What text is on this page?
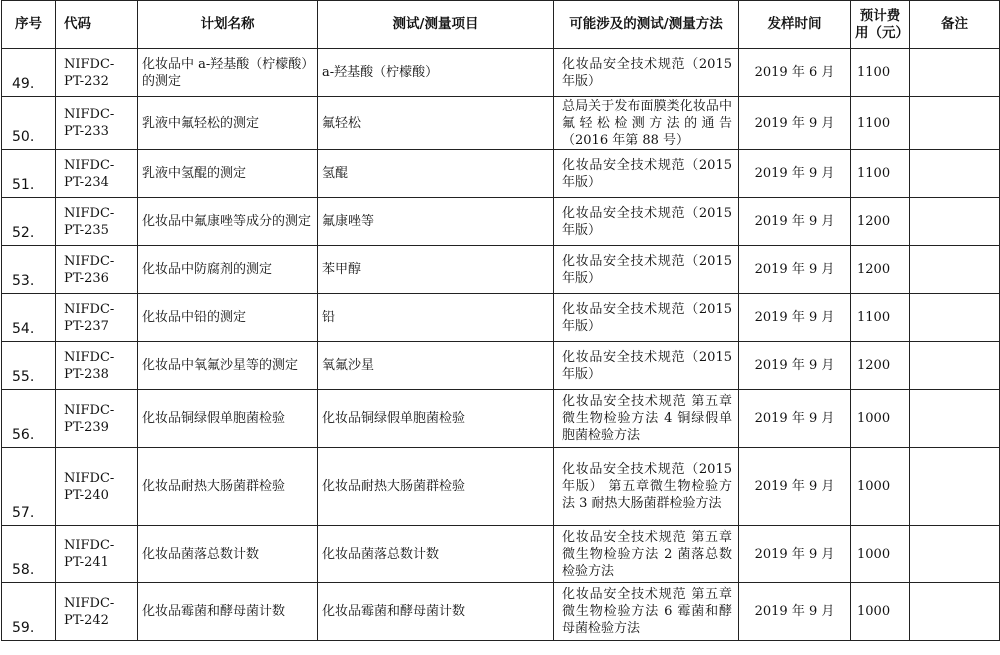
序号	代码	计划名称	测试/测量项目	可能涉及的测试/测量方法	发样时间	预计费用（元）	备注
49.	NIFDC-PT-232	化妆品中 a-羟基酸（柠檬酸）的测定	a-羟基酸（柠檬酸）	化妆品安全技术规范（2015年版）	2019 年 6 月	1100	
50.	NIFDC-PT-233	乳液中氟轻松的测定	氟轻松	总局关于发布面膜类化妆品中氟轻松检测方法的通告（2016 年第 88 号）	2019 年 9 月	1100	
51.	NIFDC-PT-234	乳液中氢醌的测定	氢醌	化妆品安全技术规范（2015年版）	2019 年 9 月	1100	
52.	NIFDC-PT-235	化妆品中氟康唑等成分的测定	氟康唑等	化妆品安全技术规范（2015年版）	2019 年 9 月	1200	
53.	NIFDC-PT-236	化妆品中防腐剂的测定	苯甲醇	化妆品安全技术规范（2015年版）	2019 年 9 月	1200	
54.	NIFDC-PT-237	化妆品中铅的测定	铅	化妆品安全技术规范（2015年版）	2019 年 9 月	1100	
55.	NIFDC-PT-238	化妆品中氧氟沙星等的测定	氧氟沙星	化妆品安全技术规范（2015年版）	2019 年 9 月	1200	
56.	NIFDC-PT-239	化妆品铜绿假单胞菌检验	化妆品铜绿假单胞菌检验	化妆品安全技术规范 第五章微生物检验方法 4 铜绿假单胞菌检验方法	2019 年 9 月	1000	
57.	NIFDC-PT-240	化妆品耐热大肠菌群检验	化妆品耐热大肠菌群检验	化妆品安全技术规范（2015年版） 第五章微生物检验方法 3 耐热大肠菌群检验方法	2019 年 9 月	1000	
58.	NIFDC-PT-241	化妆品菌落总数计数	化妆品菌落总数计数	化妆品安全技术规范 第五章微生物检验方法 2 菌落总数检验方法	2019 年 9 月	1000	
59.	NIFDC-PT-242	化妆品霉菌和酵母菌计数	化妆品霉菌和酵母菌计数	化妆品安全技术规范 第五章微生物检验方法 6 霉菌和酵母菌检验方法	2019 年 9 月	1000	
